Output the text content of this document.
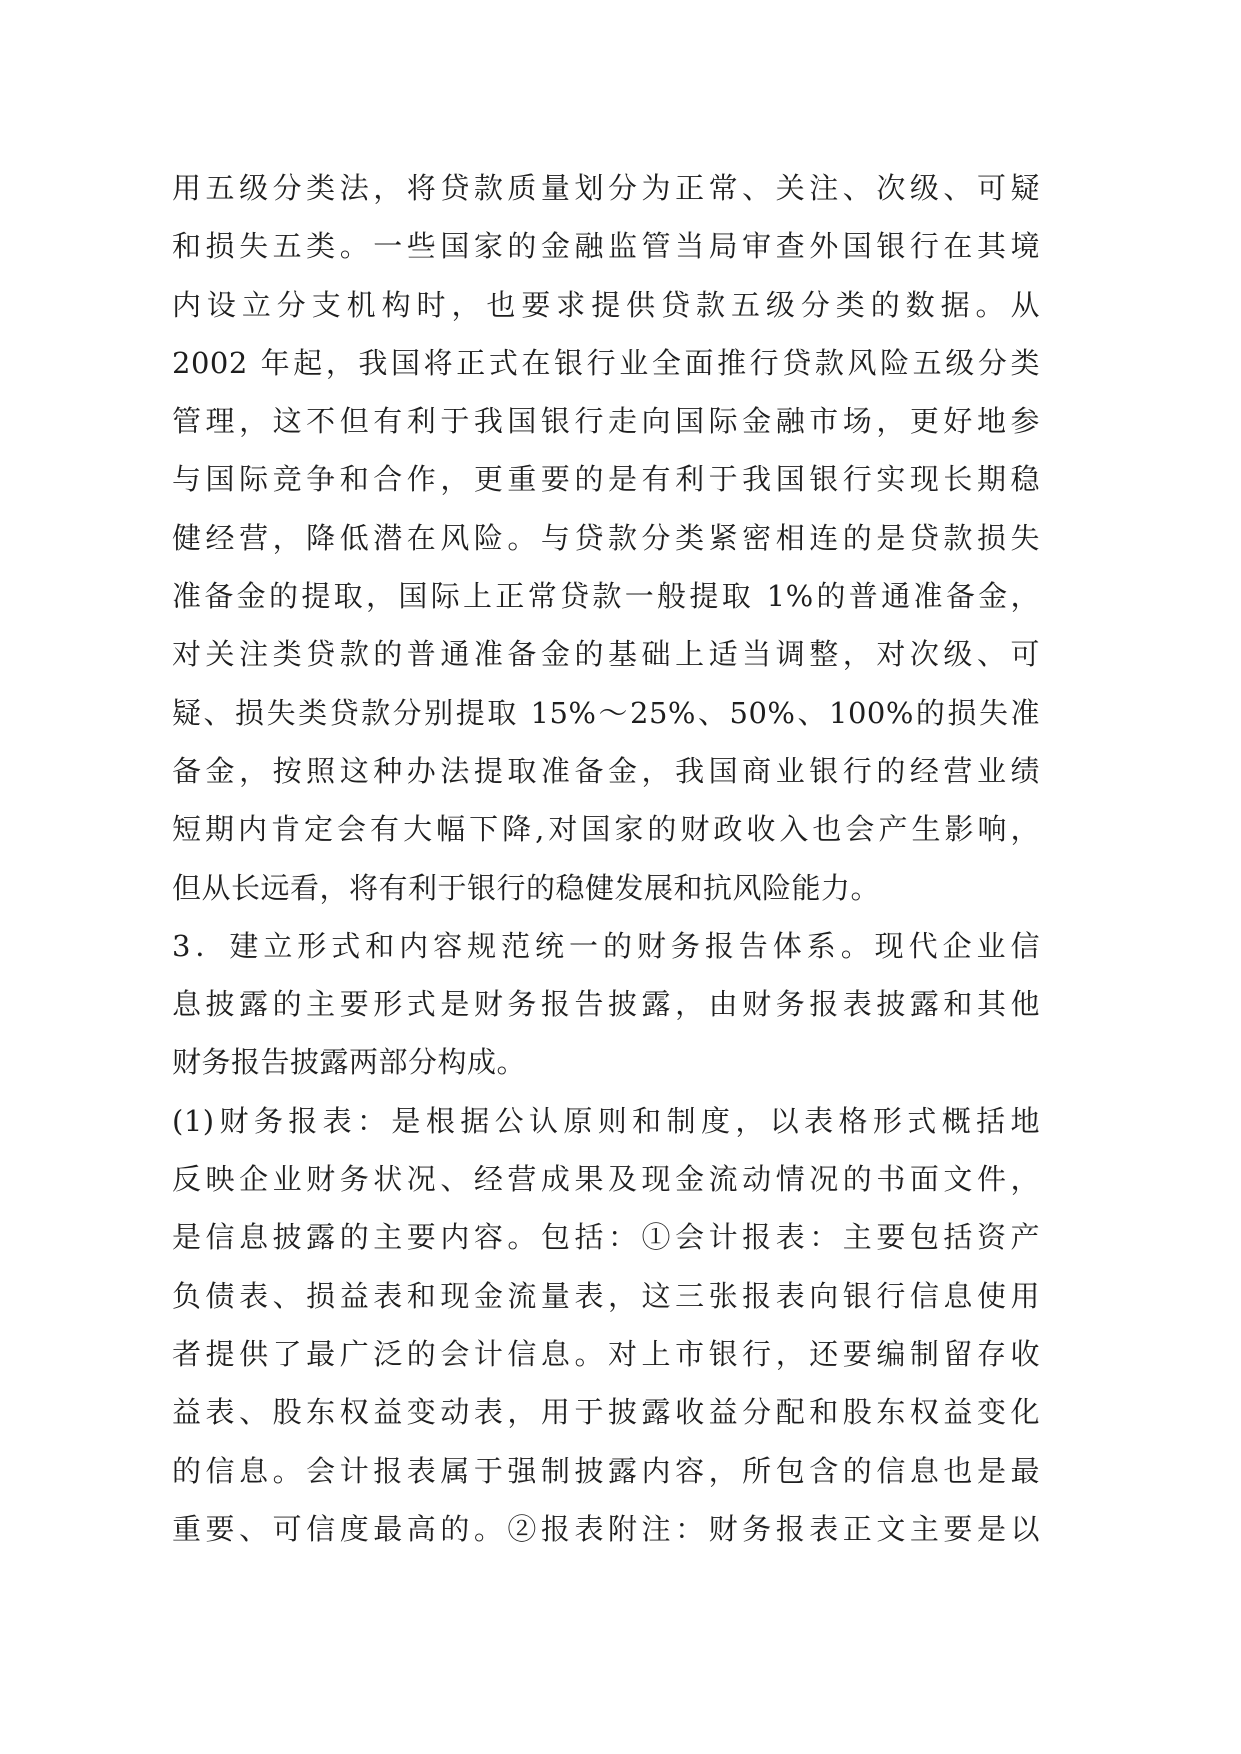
用五级分类法，将贷款质量划分为正常、关注、次级、可疑
和损失五类。一些国家的金融监管当局审查外国银行在其境
内设立分支机构时，也要求提供贷款五级分类的数据。从
2002 年起，我国将正式在银行业全面推行贷款风险五级分类
管理，这不但有利于我国银行走向国际金融市场，更好地参
与国际竞争和合作，更重要的是有利于我国银行实现长期稳
健经营，降低潜在风险。与贷款分类紧密相连的是贷款损失
准备金的提取，国际上正常贷款一般提取 1%的普通准备金，
对关注类贷款的普通准备金的基础上适当调整，对次级、可
疑、损失类贷款分别提取 15%～25%、50%、100%的损失准
备金，按照这种办法提取准备金，我国商业银行的经营业绩
短期内肯定会有大幅下降,对国家的财政收入也会产生影响，
但从长远看，将有利于银行的稳健发展和抗风险能力。
3．建立形式和内容规范统一的财务报告体系。现代企业信
息披露的主要形式是财务报告披露，由财务报表披露和其他
财务报告披露两部分构成。
(1)财务报表：是根据公认原则和制度，以表格形式概括地
反映企业财务状况、经营成果及现金流动情况的书面文件，
是信息披露的主要内容。包括：①会计报表：主要包括资产
负债表、损益表和现金流量表，这三张报表向银行信息使用
者提供了最广泛的会计信息。对上市银行，还要编制留存收
益表、股东权益变动表，用于披露收益分配和股东权益变化
的信息。会计报表属于强制披露内容，所包含的信息也是最
重要、可信度最高的。②报表附注：财务报表正文主要是以
